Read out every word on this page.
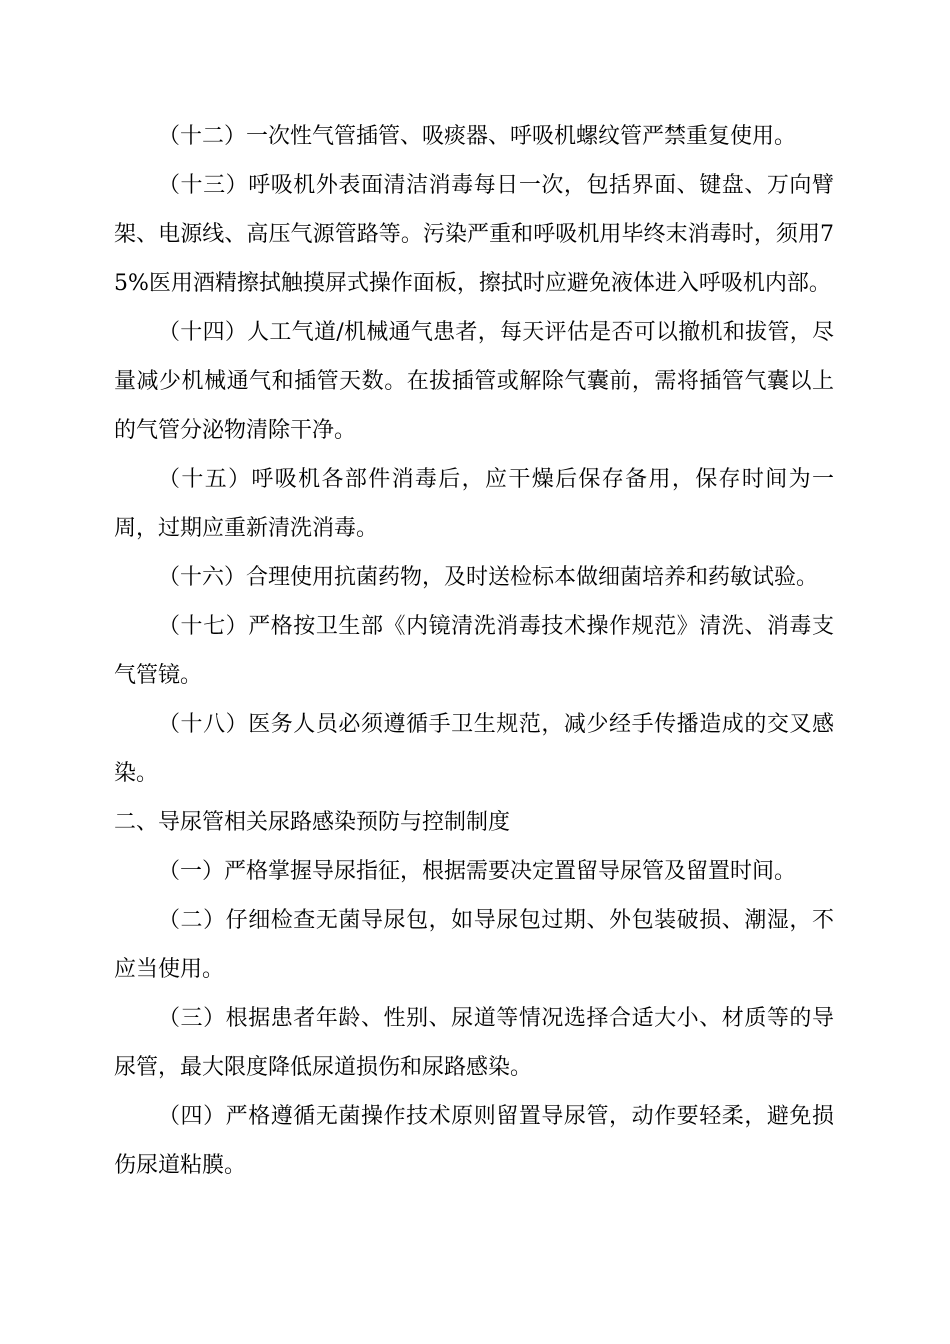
（十二）一次性气管插管、吸痰器、呼吸机螺纹管严禁重复使用。

（十三）呼吸机外表面清洁消毒每日一次，包括界面、键盘、万向臂架、电源线、高压气源管路等。污染严重和呼吸机用毕终末消毒时，须用75%医用酒精擦拭触摸屏式操作面板，擦拭时应避免液体进入呼吸机内部。

（十四）人工气道/机械通气患者，每天评估是否可以撤机和拔管，尽量减少机械通气和插管天数。在拔插管或解除气囊前，需将插管气囊以上的气管分泌物清除干净。

（十五）呼吸机各部件消毒后，应干燥后保存备用，保存时间为一周，过期应重新清洗消毒。

（十六）合理使用抗菌药物，及时送检标本做细菌培养和药敏试验。

（十七）严格按卫生部《内镜清洗消毒技术操作规范》清洗、消毒支气管镜。

（十八）医务人员必须遵循手卫生规范，减少经手传播造成的交叉感染。

二、导尿管相关尿路感染预防与控制制度

（一）严格掌握导尿指征，根据需要决定置留导尿管及留置时间。

（二）仔细检查无菌导尿包，如导尿包过期、外包装破损、潮湿，不应当使用。

（三）根据患者年龄、性别、尿道等情况选择合适大小、材质等的导尿管，最大限度降低尿道损伤和尿路感染。

（四）严格遵循无菌操作技术原则留置导尿管，动作要轻柔，避免损伤尿道粘膜。
